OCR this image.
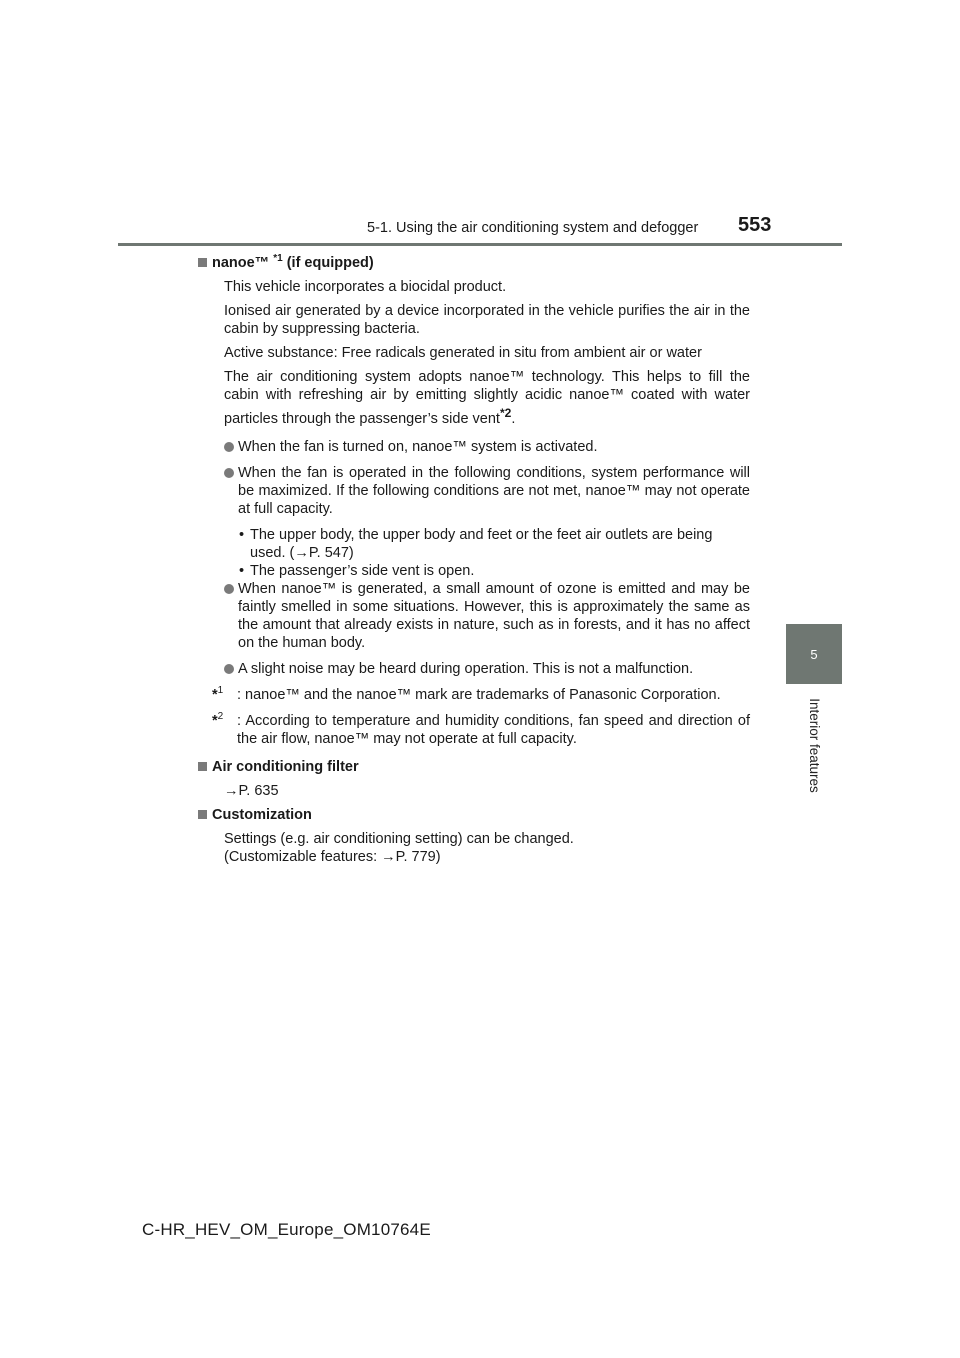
5-1. Using the air conditioning system and defogger 553
5
Interior features
nanoe™ $^{*1}$ (if equipped)

This vehicle incorporates a biocidal product.

Ionised air generated by a device incorporated in the vehicle purifies the air in the cabin by suppressing bacteria.

Active substance: Free radicals generated in situ from ambient air or water

The air conditioning system adopts nanoe™ technology. This helps to fill the cabin with refreshing air by emitting slightly acidic nanoe™ coated with water particles through the passenger’s side vent$^{*2}$.

When the fan is turned on, nanoe™ system is activated.
When the fan is operated in the following conditions, system performance will be maximized. If the following conditions are not met, nanoe™ may not operate at full capacity.
• The upper body, the upper body and feet or the feet air outlets are being used. (→P. 547)
• The passenger’s side vent is open.
When nanoe™ is generated, a small amount of ozone is emitted and may be faintly smelled in some situations. However, this is approximately the same as the amount that already exists in nature, such as in forests, and it has no affect on the human body.
A slight noise may be heard during operation. This is not a malfunction.
*$^1$ : nanoe™ and the nanoe™ mark are trademarks of Panasonic Corporation.
*$^2$ : According to temperature and humidity conditions, fan speed and direction of the air flow, nanoe™ may not operate at full capacity.
Air conditioning filter

→P. 635

Customization

Settings (e.g. air conditioning setting) can be changed.

(Customizable features: →P. 779)

C-HR_HEV_OM_Europe_OM10764E
